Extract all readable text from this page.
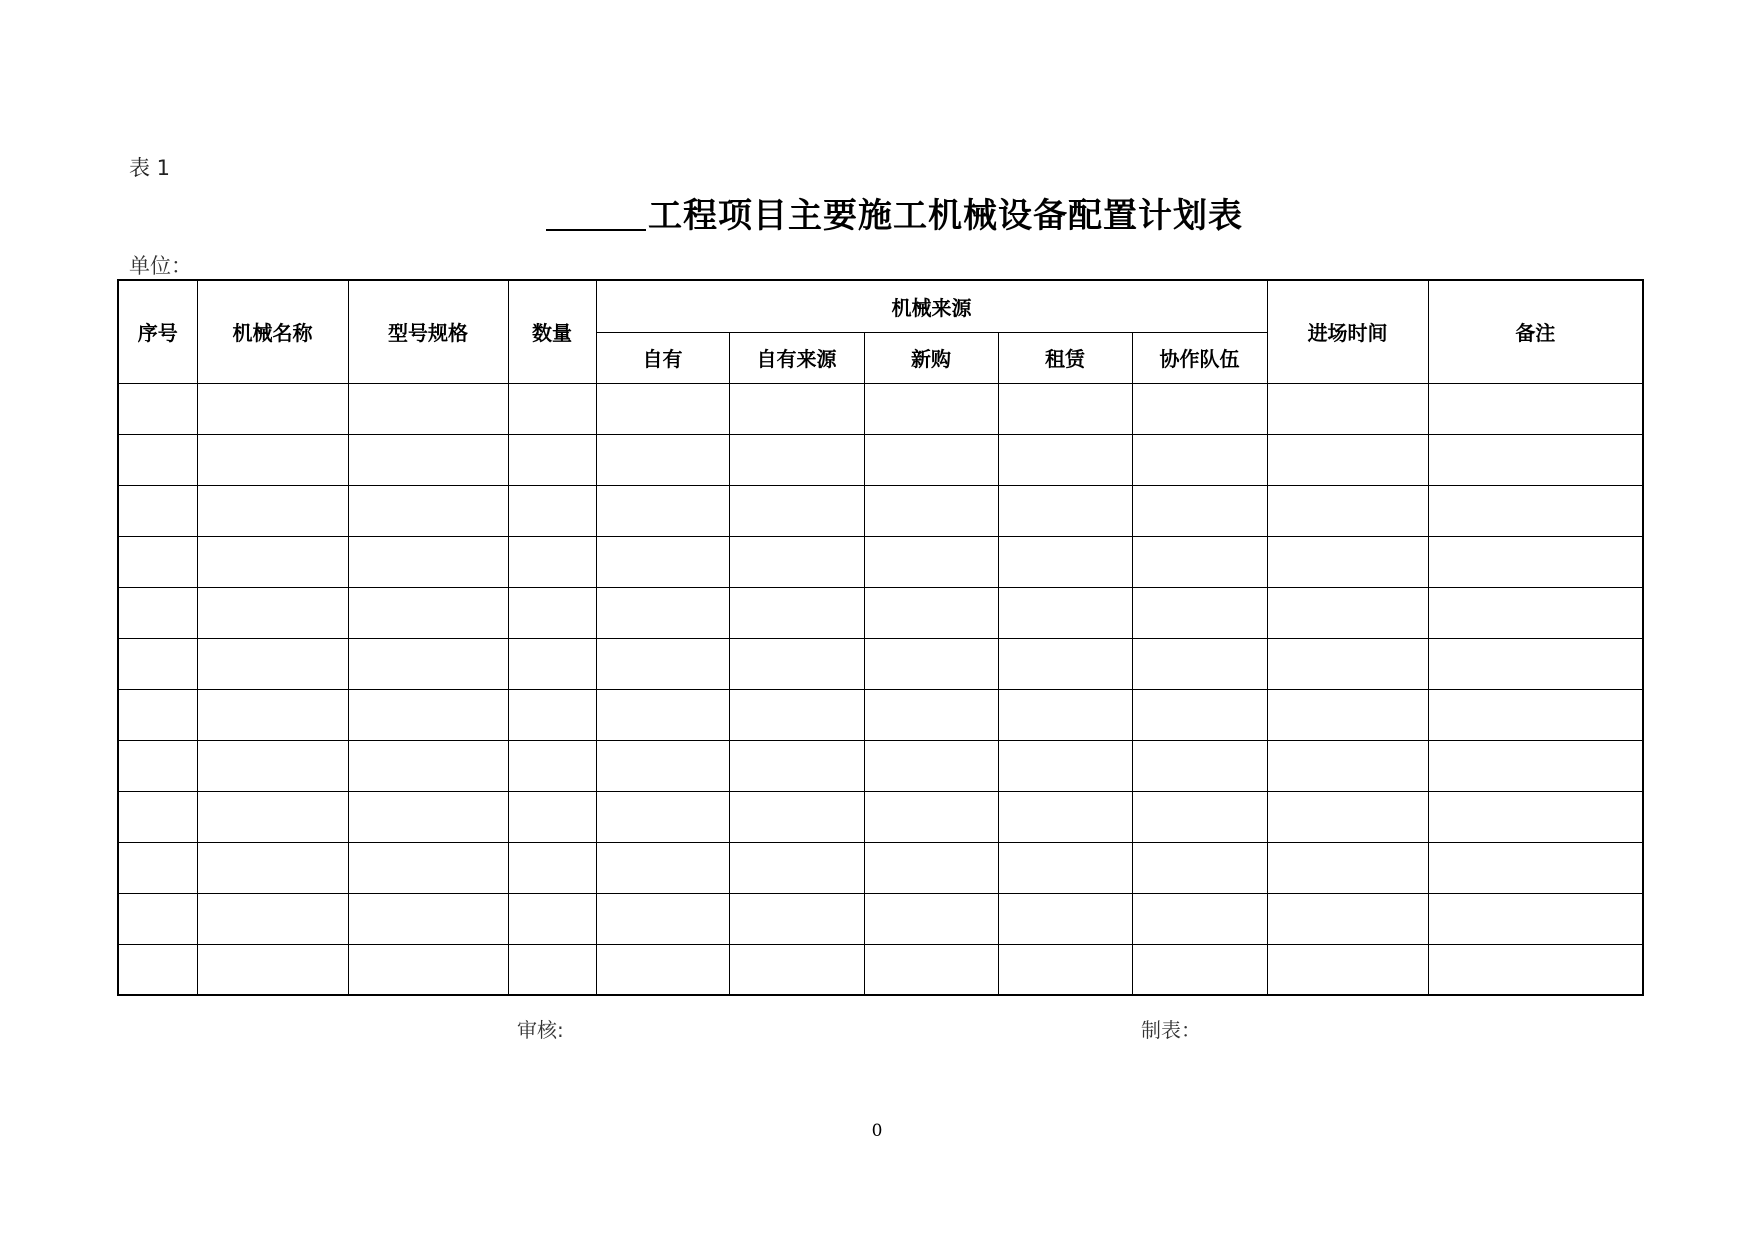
表 1
工程项目主要施工机械设备配置计划表
单位：
序号	机械名称	型号规格	数量	机械来源					进场时间	备注
				自有	自有来源	新购	租赁	协作队伍		

审核:	制表：
0
